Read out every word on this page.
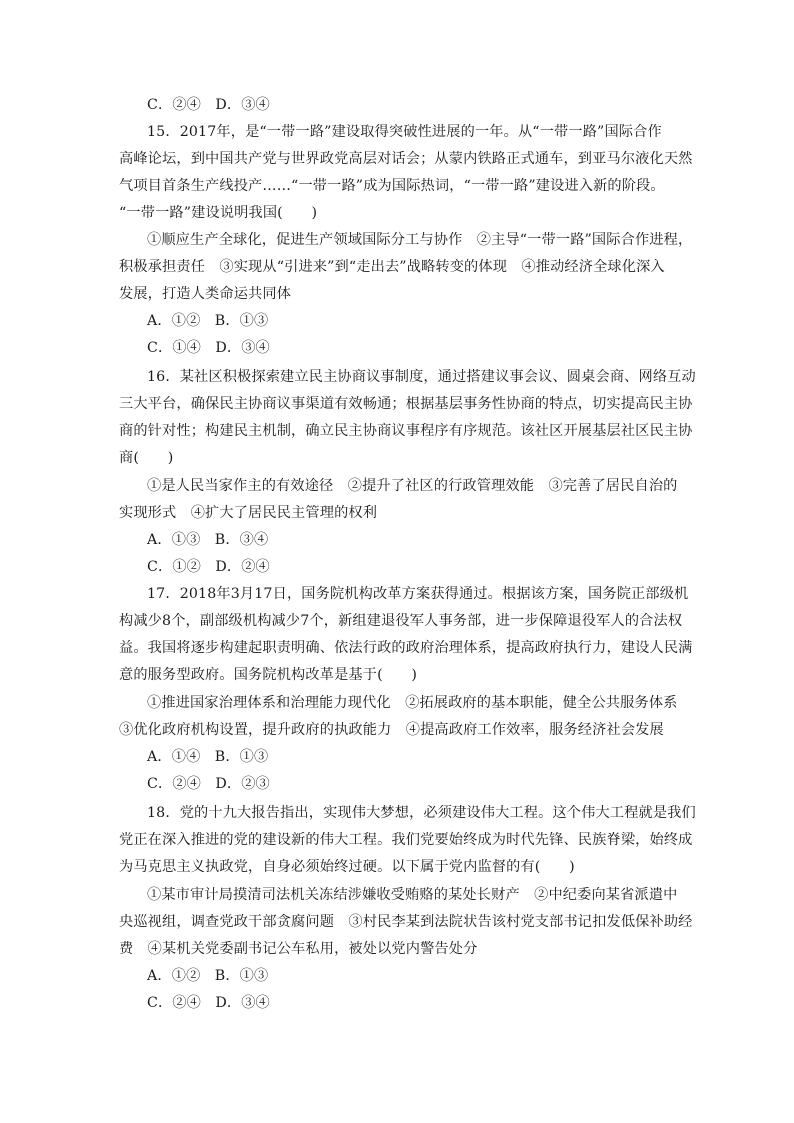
C．②④　D．③④
15．2017年，是“一带一路”建设取得突破性进展的一年。从“一带一路”国际合作
高峰论坛，到中国共产党与世界政党高层对话会；从蒙内铁路正式通车，到亚马尔液化天然
气项目首条生产线投产……“一带一路”成为国际热词，“一带一路”建设进入新的阶段。
“一带一路”建设说明我国(　　)
①顺应生产全球化，促进生产领域国际分工与协作　②主导“一带一路”国际合作进程，
积极承担责任　③实现从“引进来”到“走出去”战略转变的体现　④推动经济全球化深入
发展，打造人类命运共同体
A．①②　B．①③
C．①④　D．③④
16．某社区积极探索建立民主协商议事制度，通过搭建议事会议、圆桌会商、网络互动
三大平台，确保民主协商议事渠道有效畅通；根据基层事务性协商的特点，切实提高民主协
商的针对性；构建民主机制，确立民主协商议事程序有序规范。该社区开展基层社区民主协
商(　　)
①是人民当家作主的有效途径　②提升了社区的行政管理效能　③完善了居民自治的
实现形式　④扩大了居民民主管理的权利
A．①③　B．③④
C．①②　D．②④
17．2018年3月17日，国务院机构改革方案获得通过。根据该方案，国务院正部级机
构减少8个，副部级机构减少7个，新组建退役军人事务部，进一步保障退役军人的合法权
益。我国将逐步构建起职责明确、依法行政的政府治理体系，提高政府执行力，建设人民满
意的服务型政府。国务院机构改革是基于(　　)
①推进国家治理体系和治理能力现代化　②拓展政府的基本职能，健全公共服务体系
③优化政府机构设置，提升政府的执政能力　④提高政府工作效率，服务经济社会发展
A．①④　B．①③
C．②④　D．②③
18．党的十九大报告指出，实现伟大梦想，必须建设伟大工程。这个伟大工程就是我们
党正在深入推进的党的建设新的伟大工程。我们党要始终成为时代先锋、民族脊梁，始终成
为马克思主义执政党，自身必须始终过硬。以下属于党内监督的有(　　)
①某市审计局摸清司法机关冻结涉嫌收受贿赂的某处长财产　②中纪委向某省派遣中
央巡视组，调查党政干部贪腐问题　③村民李某到法院状告该村党支部书记扣发低保补助经
费　④某机关党委副书记公车私用，被处以党内警告处分
A．①②　B．①③
C．②④　D．③④
